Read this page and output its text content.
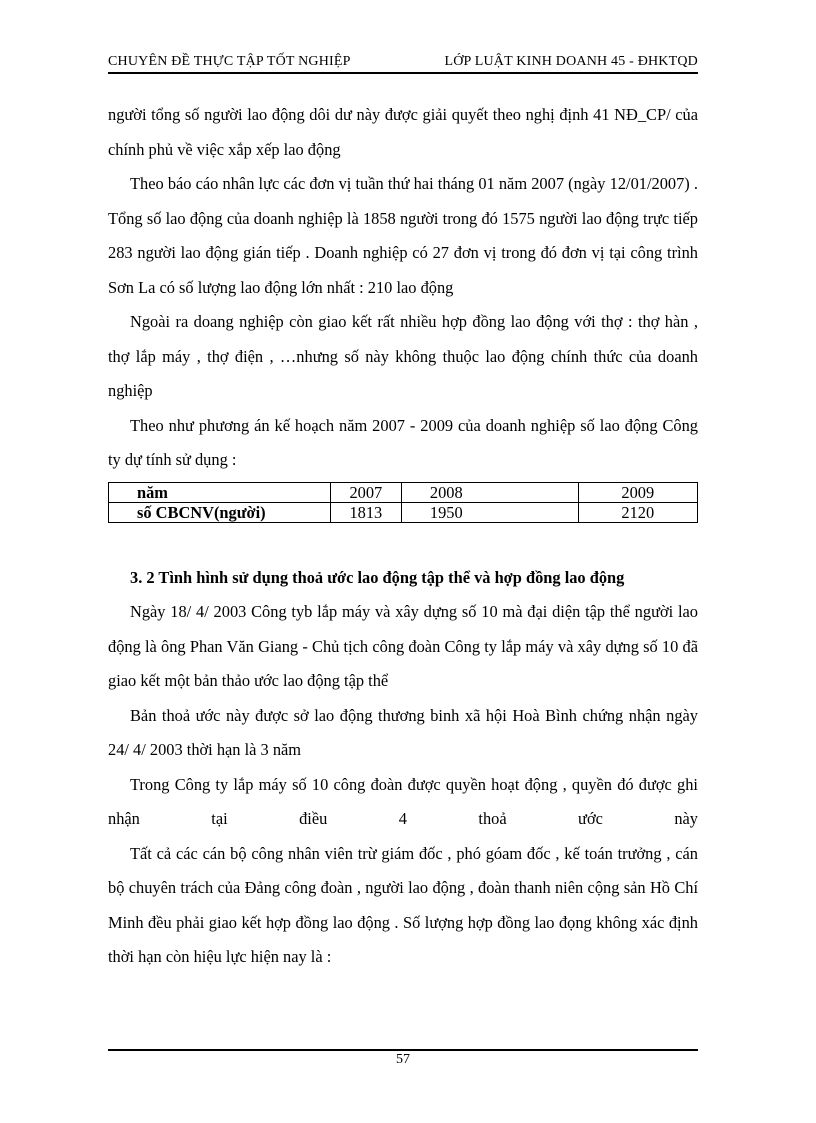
CHUYÊN ĐỀ THỰC TẬP TỐT NGHIỆP	LỚP LUẬT KINH DOANH 45 - ĐHKTQD

người tổng số người lao động dôi dư này được giải quyết theo nghị định 41 NĐ_CP/ của chính phủ về việc xắp xếp lao động

Theo báo cáo nhân lực các đơn vị tuần thứ hai tháng 01 năm 2007 (ngày 12/01/2007) . Tổng số lao động của doanh nghiệp là 1858 người trong đó 1575 người lao động trực tiếp 283 người lao động gián tiếp . Doanh nghiệp có 27 đơn vị trong đó đơn vị tại công trình Sơn La có số lượng lao động lớn nhất : 210 lao động

Ngoài ra doang nghiệp còn giao kết rất nhiều hợp đồng lao động với thợ : thợ hàn , thợ lắp máy , thợ điện , …nhưng số này không thuộc lao động chính thức của doanh nghiệp

Theo như phương án kế hoạch năm 2007 - 2009 của doanh nghiệp số lao động Công ty dự tính sử dụng :

năm	2007	2008	2009
số CBCNV(người)	1813	1950	2120

3. 2 Tình hình sử dụng thoả ước lao động tập thể và hợp đồng lao động

Ngày 18/ 4/ 2003 Công tyb lắp máy và xây dựng số 10 mà đại diện tập thể người lao động là ông Phan Văn Giang - Chủ tịch công đoàn Công ty lắp máy và xây dựng số 10 đã giao kết một bản thảo ước lao động tập thể

Bản thoả ước này được sở lao động thương binh xã hội Hoà Bình chứng nhận ngày 24/ 4/ 2003 thời hạn là 3 năm

Trong Công ty lắp máy số 10 công đoàn được quyền hoạt động , quyền đó được ghi nhận tại điều 4 thoả ước này

Tất cả các cán bộ công nhân viên trừ giám đốc , phó góam đốc , kế toán trưởng , cán bộ chuyên trách của Đảng công đoàn , người lao động , đoàn thanh niên cộng sản Hồ Chí Minh đều phải giao kết hợp đồng lao động . Số lượng hợp đồng lao đọng không xác định thời hạn còn hiệu lực hiện nay là :

57
